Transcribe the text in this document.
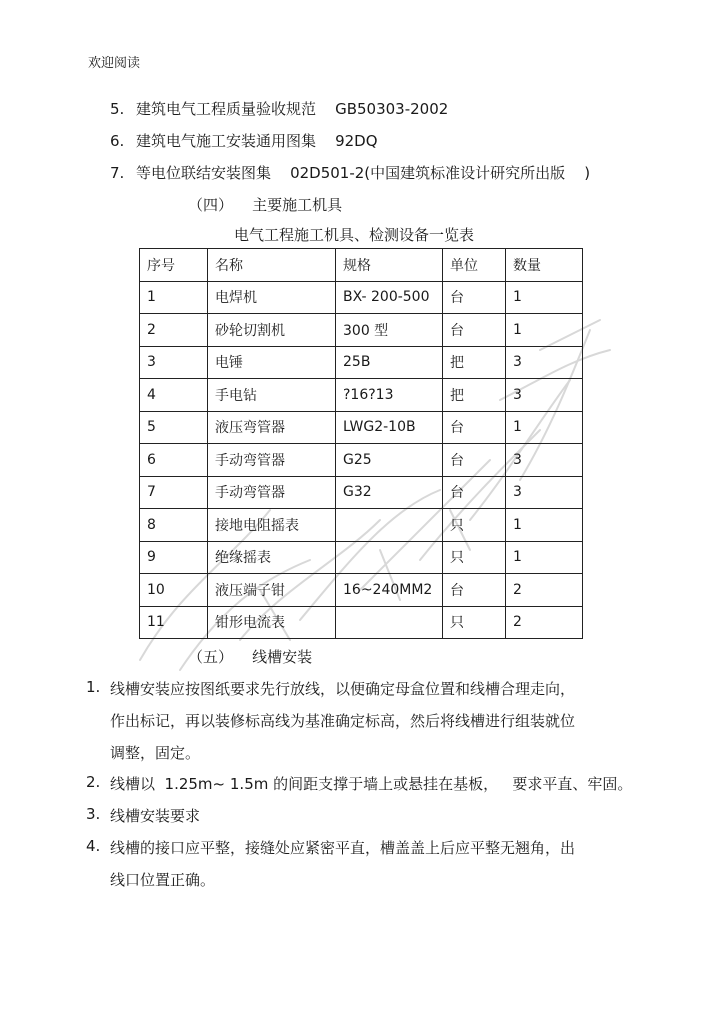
欢迎阅读
5. 建筑电气工程质量验收规范    GB50303-2002
6. 建筑电气施工安装通用图集    92DQ
7. 等电位联结安装图集    02D501-2(中国建筑标准设计研究所出版    )
（四）    主要施工机具
电气工程施工机具、检测设备一览表
序号	名称	规格	单位	数量
1	电焊机	BX- 200-500	台	1
2	砂轮切割机	300 型	台	1
3	电锤	25B	把	3
4	手电钻	?16?13	把	3
5	液压弯管器	LWG2-10B	台	1
6	手动弯管器	G25	台	3
7	手动弯管器	G32	台	3
8	接地电阻摇表		只	1
9	绝缘摇表		只	1
10	液压端子钳	16~240MM2	台	2
11	钳形电流表		只	2
（五）    线槽安装
1. 线槽安装应按图纸要求先行放线，以便确定母盒位置和线槽合理走向，
作出标记，再以装修标高线为基准确定标高，然后将线槽进行组装就位
调整，固定。
2. 线槽以  1.25m~ 1.5m 的间距支撑于墙上或悬挂在基板，   要求平直、牢固。
3. 线槽安装要求
4. 线槽的接口应平整，接缝处应紧密平直，槽盖盖上后应平整无翘角，出
线口位置正确。
